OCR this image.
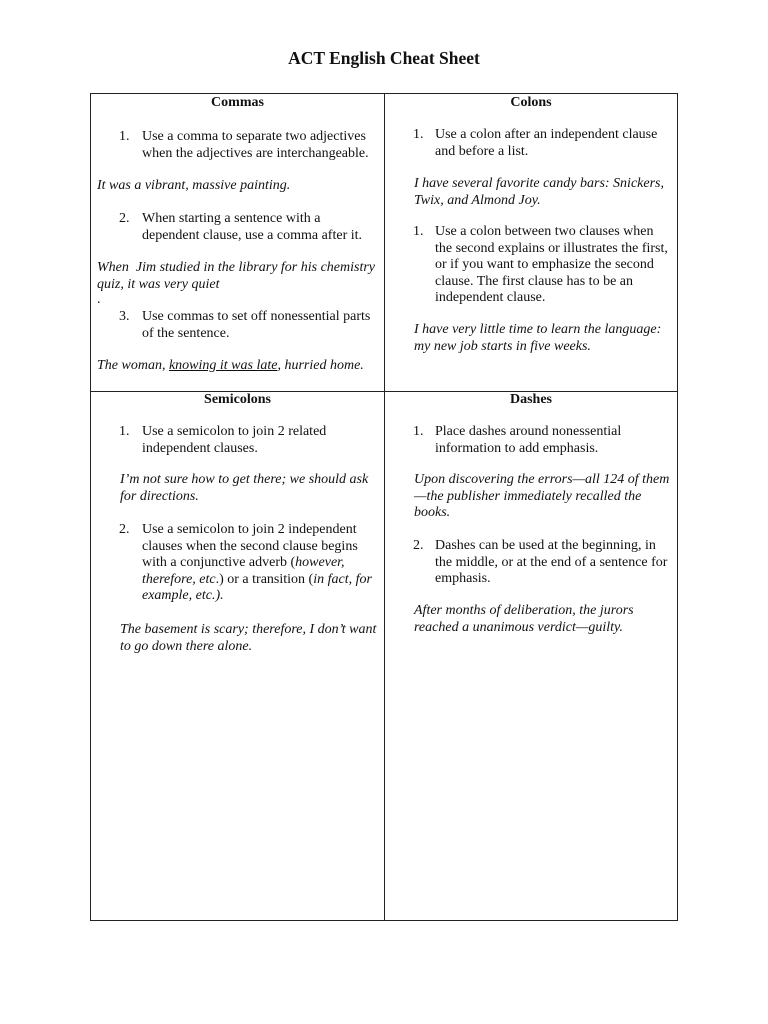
ACT English Cheat Sheet
Commas
1. Use a comma to separate two adjectives
when the adjectives are interchangeable.
It was a vibrant, massive painting.
2. When starting a sentence with a
dependent clause, use a comma after it.
When  Jim studied in the library for his chemistry
quiz, it was very quiet
.
3. Use commas to set off nonessential parts
of the sentence.
The woman, knowing it was late, hurried home.
Colons
1. Use a colon after an independent clause
and before a list.
I have several favorite candy bars: Snickers,
Twix, and Almond Joy.
1. Use a colon between two clauses when
the second explains or illustrates the first,
or if you want to emphasize the second
clause. The first clause has to be an
independent clause.
I have very little time to learn the language:
my new job starts in five weeks.
Semicolons
1. Use a semicolon to join 2 related
independent clauses.
I’m not sure how to get there; we should ask
for directions.
2. Use a semicolon to join 2 independent
clauses when the second clause begins
with a conjunctive adverb (however,
therefore, etc.) or a transition (in fact, for
example, etc.).
The basement is scary; therefore, I don’t want
to go down there alone.
Dashes
1. Place dashes around nonessential
information to add emphasis.
Upon discovering the errors—all 124 of them
—the publisher immediately recalled the
books.
2. Dashes can be used at the beginning, in
the middle, or at the end of a sentence for
emphasis.
After months of deliberation, the jurors
reached a unanimous verdict—guilty.
